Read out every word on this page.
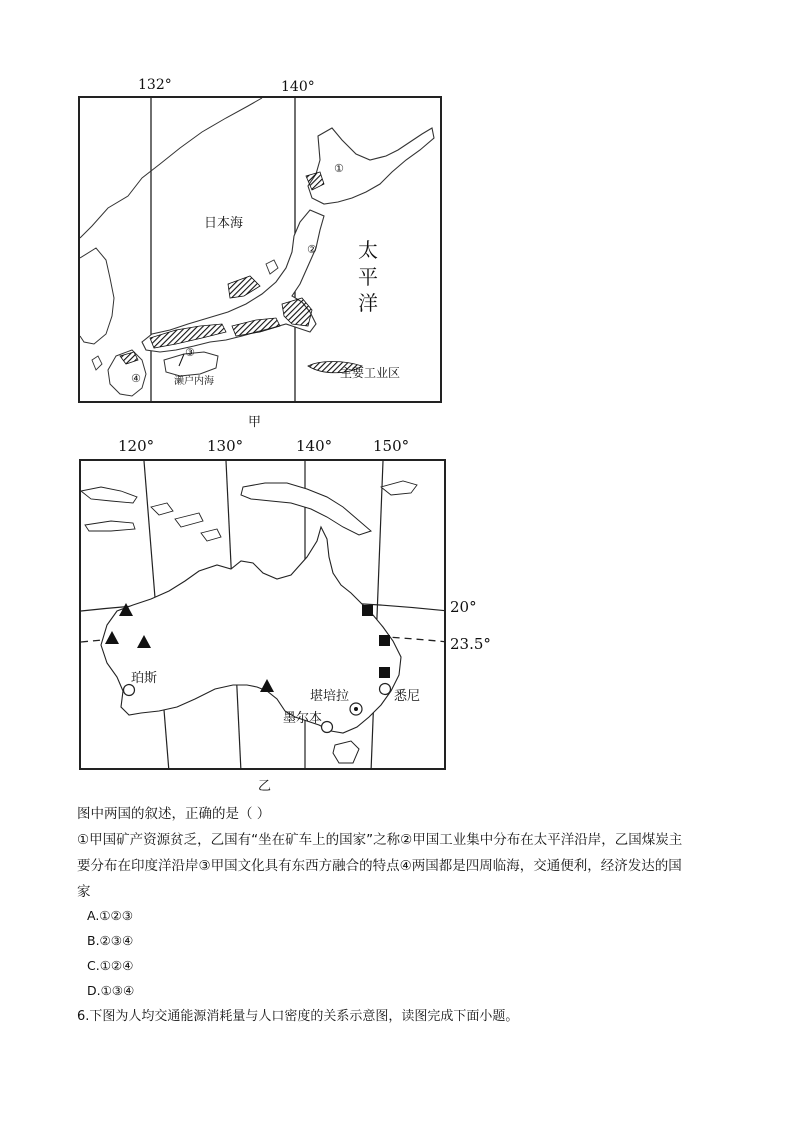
132°	140°
日本海
太
平
洋
①
②
③
④	濑户内海
主要工业区
甲
120°	130°	140°	150°
珀斯
堪培拉	悉尼
墨尔本
20°
23.5°
乙
图中两国的叙述，正确的是（ ）
①甲国矿产资源贫乏，乙国有“坐在矿车上的国家”之称②甲国工业集中分布在太平洋沿岸，乙国煤炭主
要分布在印度洋沿岸③甲国文化具有东西方融合的特点④两国都是四周临海，交通便利，经济发达的国
家
A.①②③
B.②③④
C.①②④
D.①③④
6.下图为人均交通能源消耗量与人口密度的关系示意图，读图完成下面小题。
